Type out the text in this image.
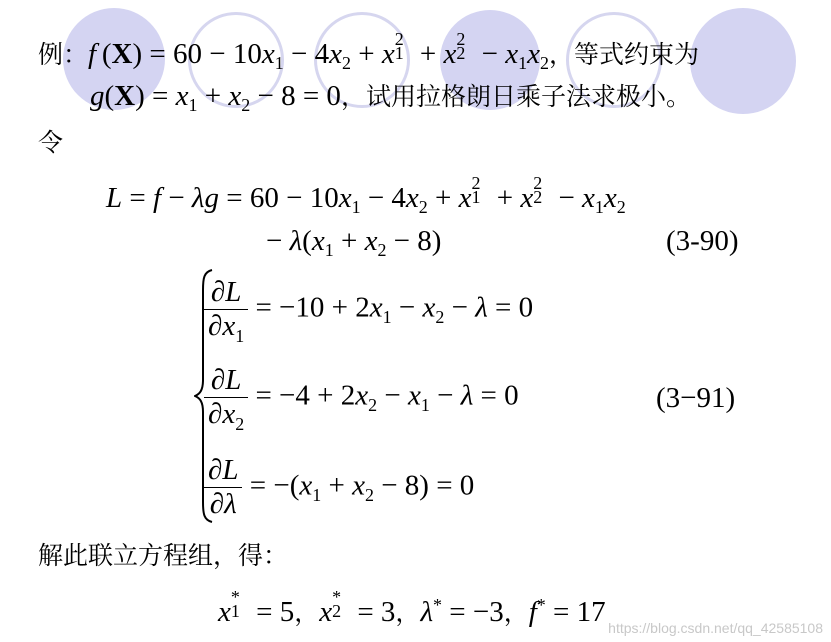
例：f $(X) = 60 - 10x_1 - 4x_2 + x$ 2
1 + x 2
$2 - x_1x_2$，等式约束为
$g(X) = x_1 + x_2 - 8 = 0$，试用拉格朗日乘子法求极小。
令
$L = f - \lambda g = 60 - 10x_1 - 4x_2 + x$ 2
1 + x 2
$2 - x_1x_2$
− $\lambda(x_1 + x_2 - 8)$	(3-90)
$\frac{\partial L}{\partial x_1} = -10 + 2x_1 - x_2 - \lambda = 0$
$\frac{\partial L}{\partial x_2} = -4 + 2x_2 - x_1 - \lambda = 0$	(3−91)
$\frac{\partial L}{\partial\lambda} = -(x_1 + x_2 - 8) = 0$
解此联立方程组，得：
x *
1 = 5，x *
2 = 3，λ* = −3，f* = 17 https://blog.csdn.net/qq_42585108
